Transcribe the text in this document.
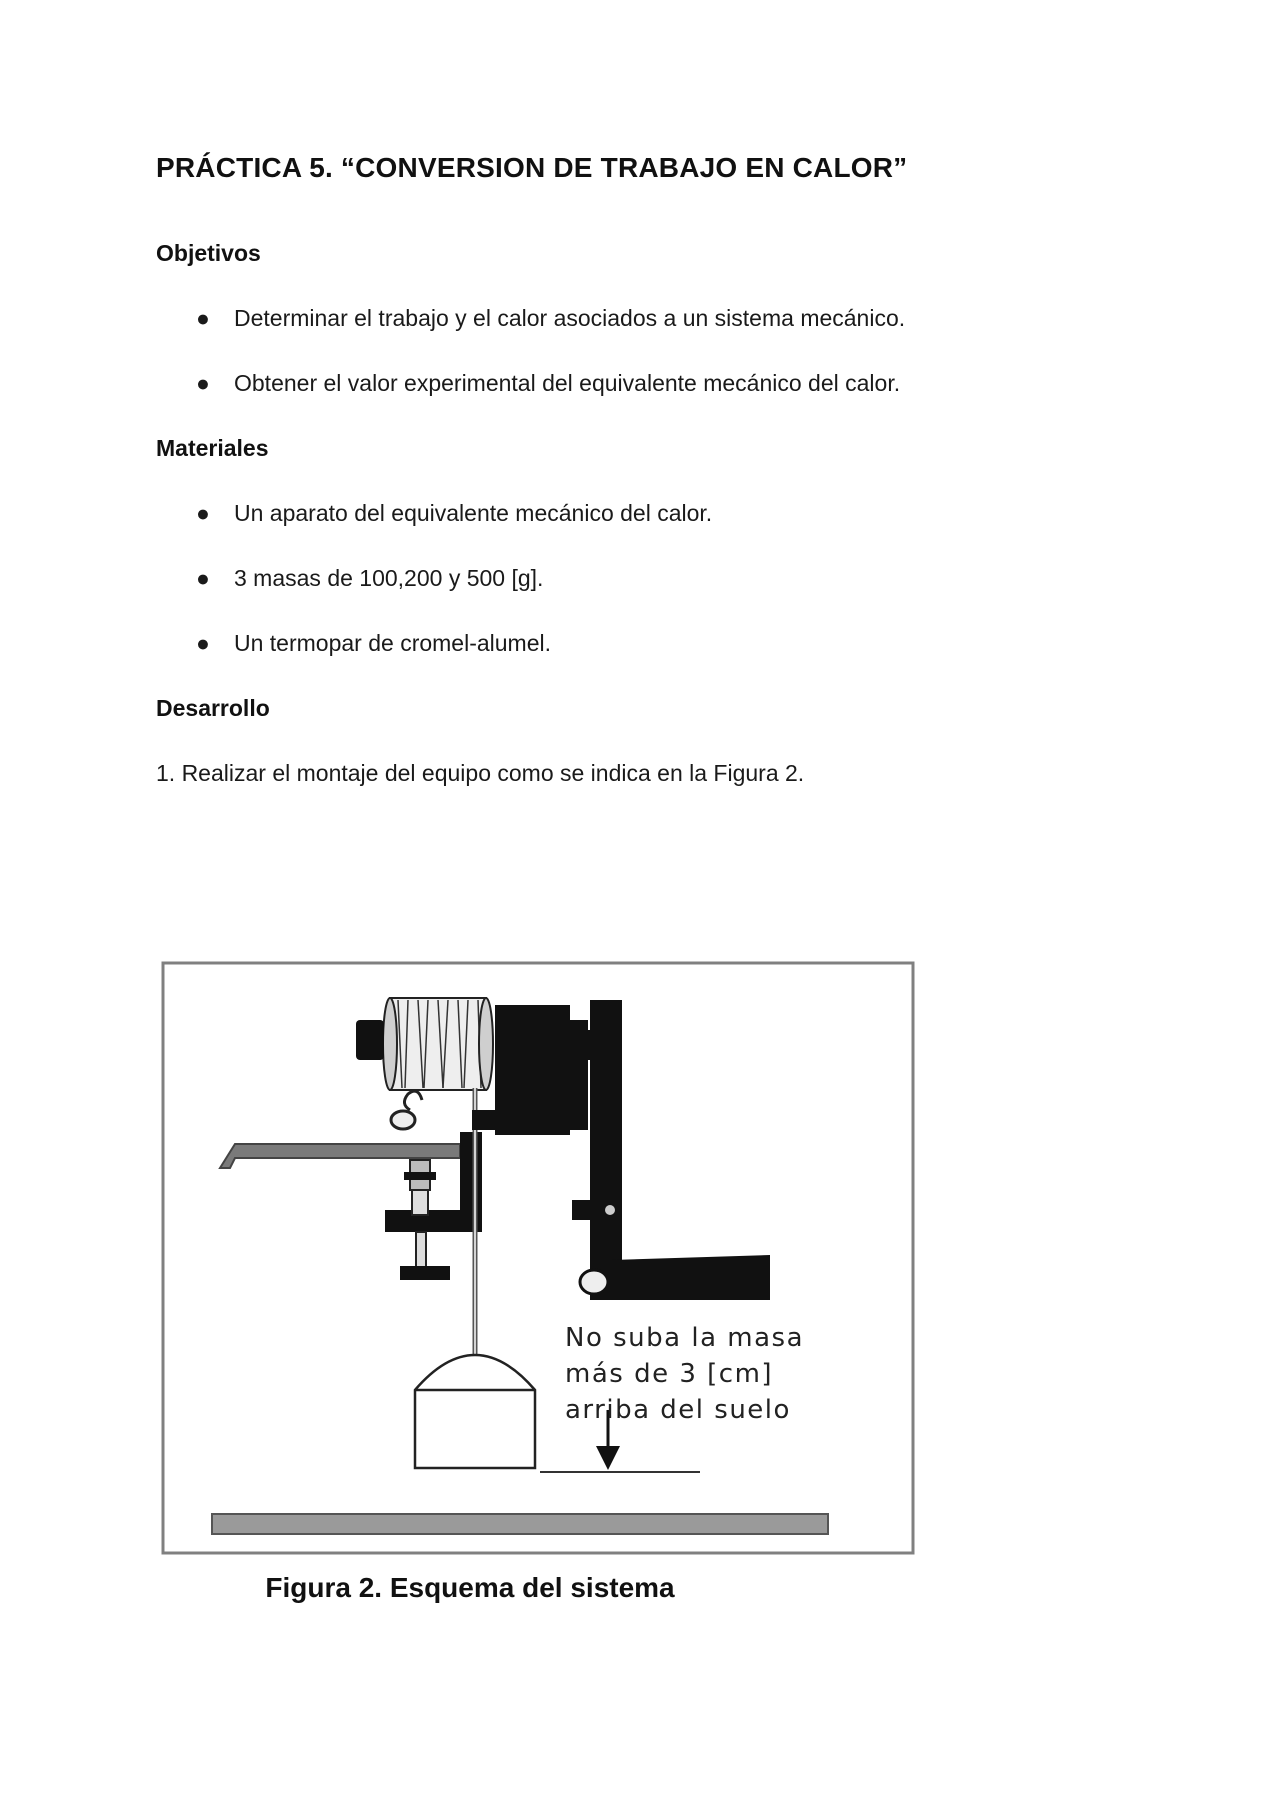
PRÁCTICA 5. “CONVERSION DE TRABAJO EN CALOR”
Objetivos
●	Determinar el trabajo y el calor asociados a un sistema mecánico.
●	Obtener el valor experimental del equivalente mecánico del calor.
Materiales
●	Un aparato del equivalente mecánico del calor.
●	3 masas de 100,200 y 500 [g].
●	Un termopar de cromel-alumel.
Desarrollo

1. Realizar el montaje del equipo como se indica en la Figura 2.

No suba la masa
más de 3 [cm]
arriba del suelo
Figura 2. Esquema del sistema
